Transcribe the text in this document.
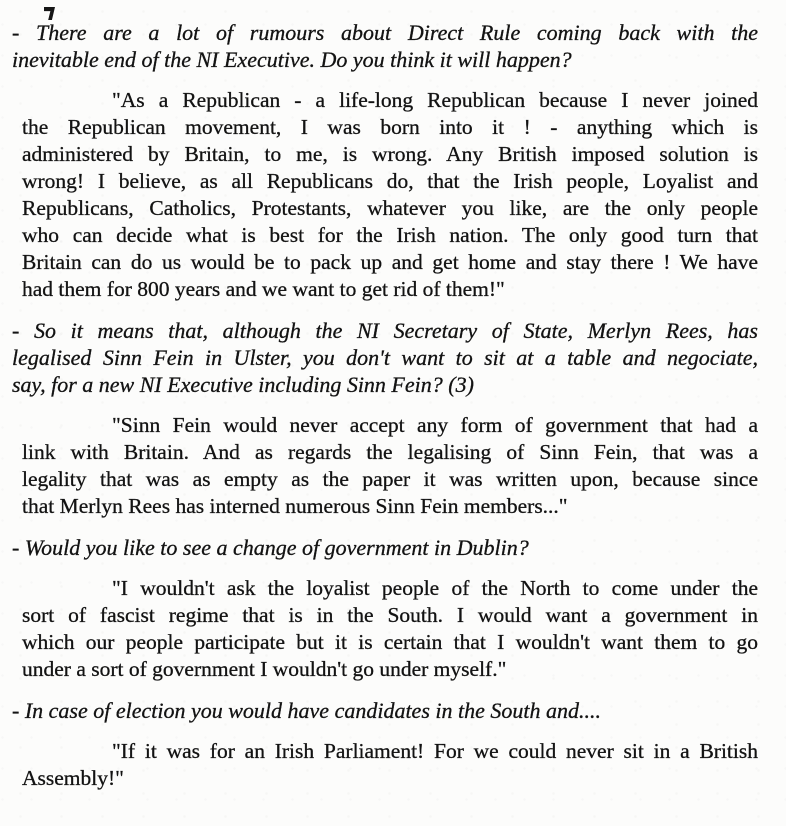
- There are a lot of rumours about Direct Rule coming back with the
inevitable end of the NI Executive. Do you think it will happen?
"As a Republican - a life-long Republican because I never joined
the Republican movement, I was born into it ! - anything which is
administered by Britain, to me, is wrong. Any British imposed solution is
wrong! I believe, as all Republicans do, that the Irish people, Loyalist and
Republicans, Catholics, Protestants, whatever you like, are the only people
who can decide what is best for the Irish nation. The only good turn that
Britain can do us would be to pack up and get home and stay there ! We have
had them for 800 years and we want to get rid of them!"
- So it means that, although the NI Secretary of State, Merlyn Rees, has
legalised Sinn Fein in Ulster, you don't want to sit at a table and negociate,
say, for a new NI Executive including Sinn Fein? (3)
"Sinn Fein would never accept any form of government that had a
link with Britain. And as regards the legalising of Sinn Fein, that was a
legality that was as empty as the paper it was written upon, because since
that Merlyn Rees has interned numerous Sinn Fein members..."
- Would you like to see a change of government in Dublin?
"I wouldn't ask the loyalist people of the North to come under the
sort of fascist regime that is in the South. I would want a government in
which our people participate but it is certain that I wouldn't want them to go
under a sort of government I wouldn't go under myself."
- In case of election you would have candidates in the South and....
"If it was for an Irish Parliament! For we could never sit in a British
Assembly!"
